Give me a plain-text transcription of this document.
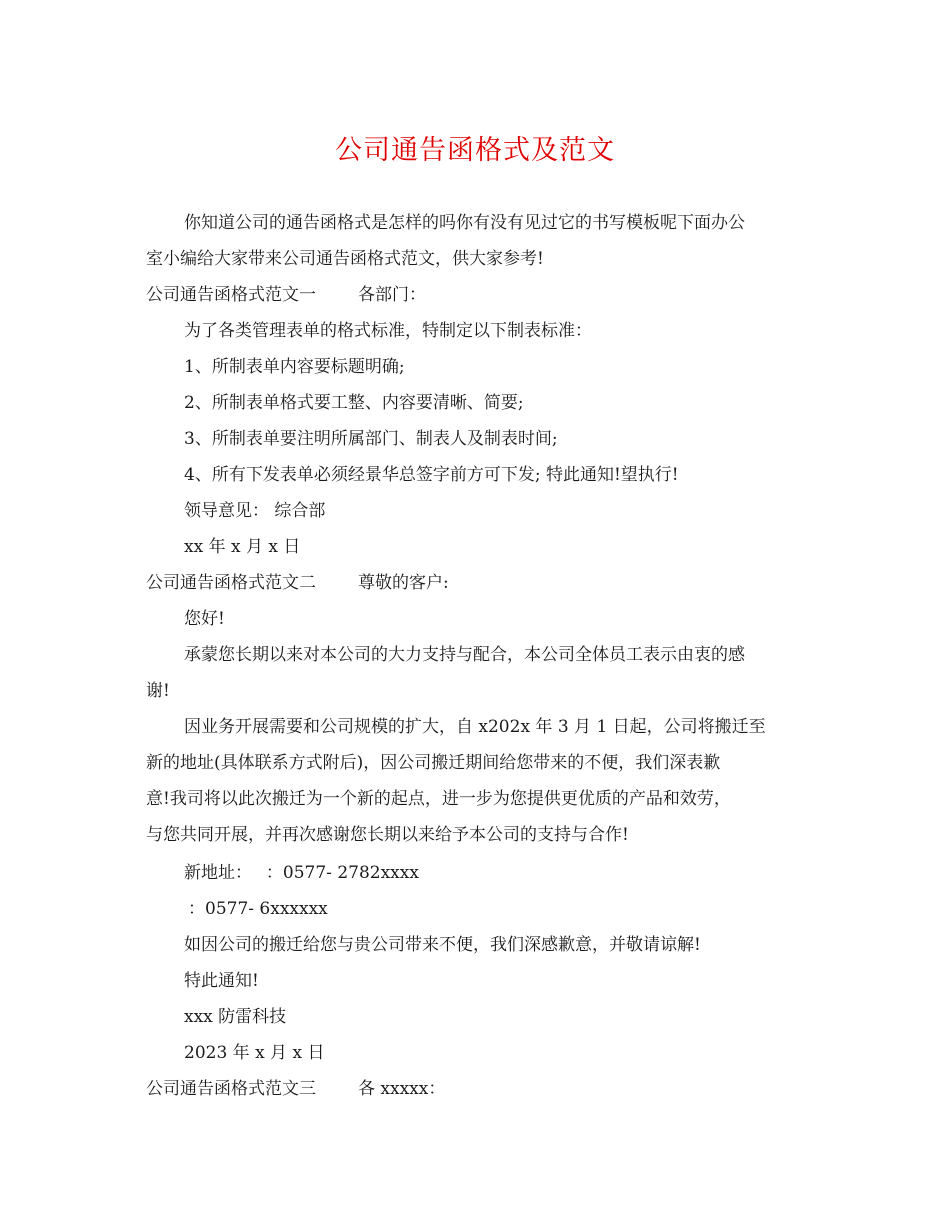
公司通告函格式及范文
你知道公司的通告函格式是怎样的吗你有没有见过它的书写模板呢下面办公
室小编给大家带来公司通告函格式范文，供大家参考!
公司通告函格式范文一 各部门：
为了各类管理表单的格式标准，特制定以下制表标准：
1、所制表单内容要标题明确;
2、所制表单格式要工整、内容要清晰、简要;
3、所制表单要注明所属部门、制表人及制表时间;
4、所有下发表单必须经景华总签字前方可下发; 特此通知!望执行!
领导意见： 综合部
xx 年 x 月 x 日
公司通告函格式范文二 尊敬的客户:
您好!
承蒙您长期以来对本公司的大力支持与配合，本公司全体员工表示由衷的感
谢!
因业务开展需要和公司规模的扩大，自 x202x 年 3 月 1 日起，公司将搬迁至
新的地址(具体联系方式附后)，因公司搬迁期间给您带来的不便，我们深表歉
意!我司将以此次搬迁为一个新的起点，进一步为您提供更优质的产品和效劳，
与您共同开展，并再次感谢您长期以来给予本公司的支持与合作!
新地址：　 ：0577- 2782xxxx
：0577- 6xxxxxx
如因公司的搬迁给您与贵公司带来不便，我们深感歉意，并敬请谅解!
特此通知!
xxx 防雷科技
2023 年 x 月 x 日
公司通告函格式范文三 各 xxxxx：
